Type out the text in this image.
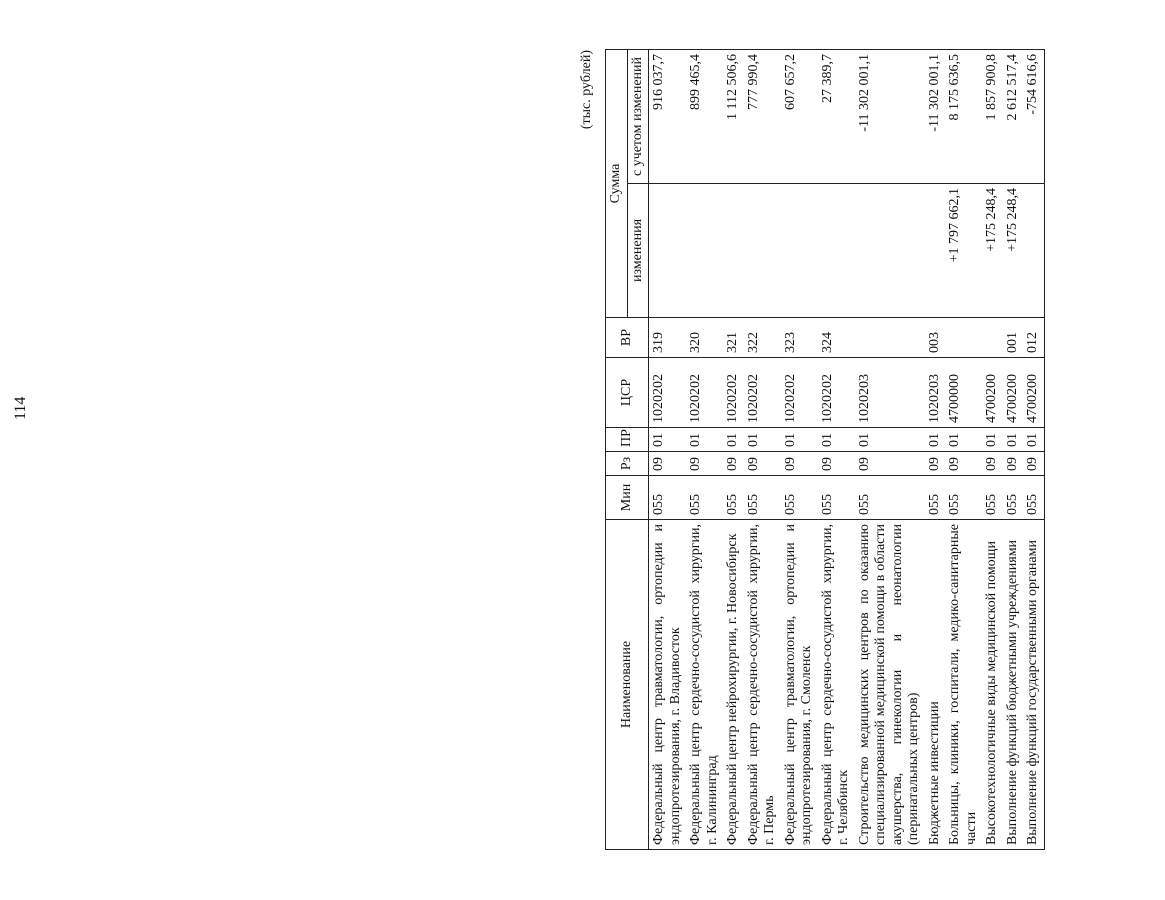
114
(тыс. рублей)
Наименование	Мин	Рз	ПР	ЦСР	ВР	Сумма	
						изменения	с учетом изменений
Федеральный центр травматологии, ортопедии и эндопротезирования, г. Владивосток	055	09	01	1020202	319		916 037,7
Федеральный центр сердечно-сосудистой хирургии, г. Калининград	055	09	01	1020202	320		899 465,4
Федеральный центр нейрохирургии, г. Новосибирск	055	09	01	1020202	321		1 112 506,6
Федеральный центр сердечно-сосудистой хирургии, г. Пермь	055	09	01	1020202	322		777 990,4
Федеральный центр травматологии, ортопедии и эндопротезирования, г. Смоленск	055	09	01	1020202	323		607 657,2
Федеральный центр сердечно-сосудистой хирургии, г. Челябинск	055	09	01	1020202	324		27 389,7
Строительство медицинских центров по оказанию специализированной медицинской помощи в области акушерства, гинекологии и неонатологии (перинатальных центров)	055	09	01	1020203			-11 302 001,1
Бюджетные инвестиции	055	09	01	1020203	003		-11 302 001,1
Больницы, клиники, госпитали, медико-санитарные части	055	09	01	4700000		+1 797 662,1	8 175 636,5
Высокотехнологичные виды медицинской помощи	055	09	01	4700200		+175 248,4	1 857 900,8
Выполнение функций бюджетными учреждениями	055	09	01	4700200	001	+175 248,4	2 612 517,4
Выполнение функций государственными органами	055	09	01	4700200	012		-754 616,6
